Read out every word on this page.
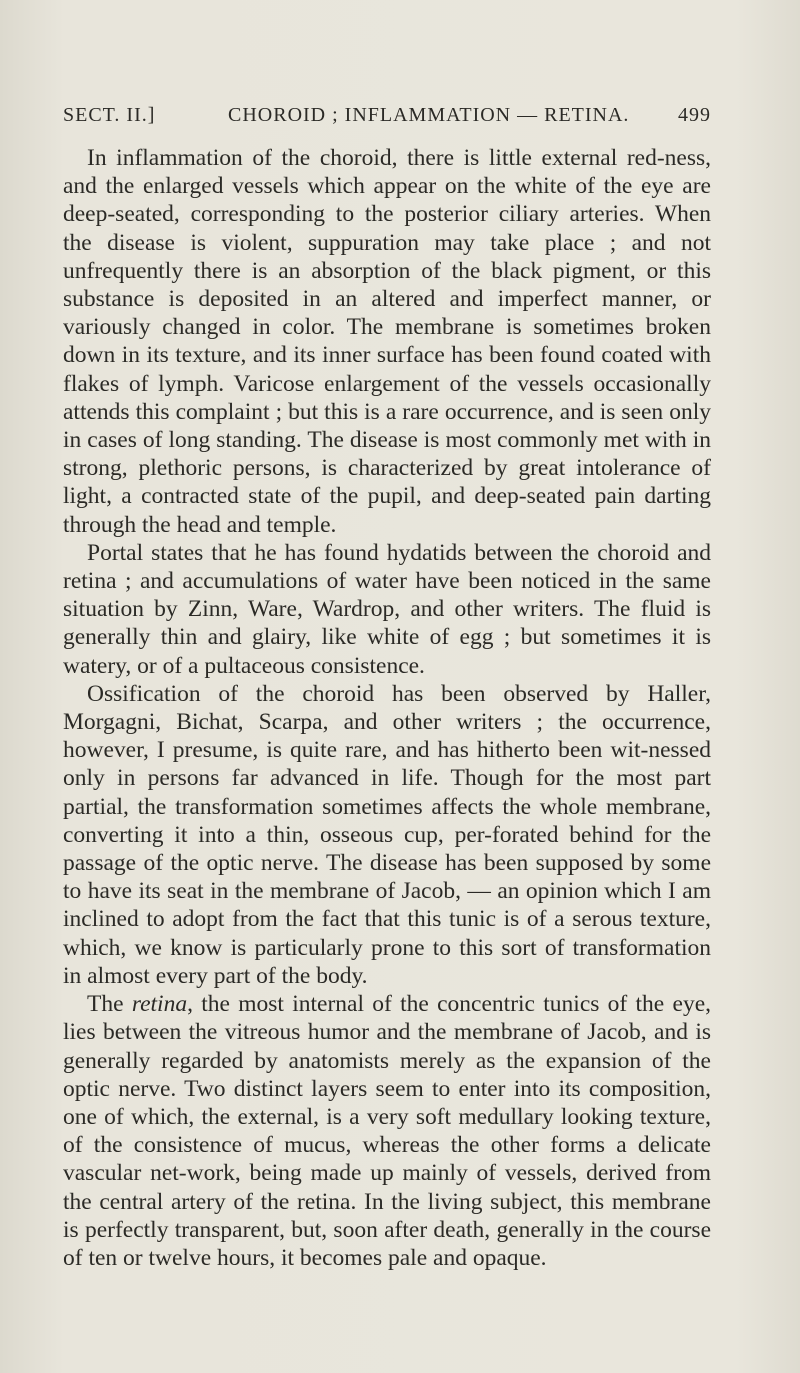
SECT. II.]	CHOROID ; INFLAMMATION — RETINA. 499

In inflammation of the choroid, there is little external red-ness, and the enlarged vessels which appear on the white of the eye are deep-seated, corresponding to the posterior ciliary arteries. When the disease is violent, suppuration may take place ; and not unfrequently there is an absorption of the black pigment, or this substance is deposited in an altered and imperfect manner, or variously changed in color. The membrane is sometimes broken down in its texture, and its inner surface has been found coated with flakes of lymph. Varicose enlargement of the vessels occasionally attends this complaint ; but this is a rare occurrence, and is seen only in cases of long standing. The disease is most commonly met with in strong, plethoric persons, is characterized by great intolerance of light, a contracted state of the pupil, and deep-seated pain darting through the head and temple.

Portal states that he has found hydatids between the choroid and retina ; and accumulations of water have been noticed in the same situation by Zinn, Ware, Wardrop, and other writers. The fluid is generally thin and glairy, like white of egg ; but sometimes it is watery, or of a pultaceous consistence.

Ossification of the choroid has been observed by Haller, Morgagni, Bichat, Scarpa, and other writers ; the occurrence, however, I presume, is quite rare, and has hitherto been wit-nessed only in persons far advanced in life. Though for the most part partial, the transformation sometimes affects the whole membrane, converting it into a thin, osseous cup, per-forated behind for the passage of the optic nerve. The disease has been supposed by some to have its seat in the membrane of Jacob, — an opinion which I am inclined to adopt from the fact that this tunic is of a serous texture, which, we know is particularly prone to this sort of transformation in almost every part of the body.

The retina, the most internal of the concentric tunics of the eye, lies between the vitreous humor and the membrane of Jacob, and is generally regarded by anatomists merely as the expansion of the optic nerve. Two distinct layers seem to enter into its composition, one of which, the external, is a very soft medullary looking texture, of the consistence of mucus, whereas the other forms a delicate vascular net-work, being made up mainly of vessels, derived from the central artery of the retina. In the living subject, this membrane is perfectly transparent, but, soon after death, generally in the course of ten or twelve hours, it becomes pale and opaque.
